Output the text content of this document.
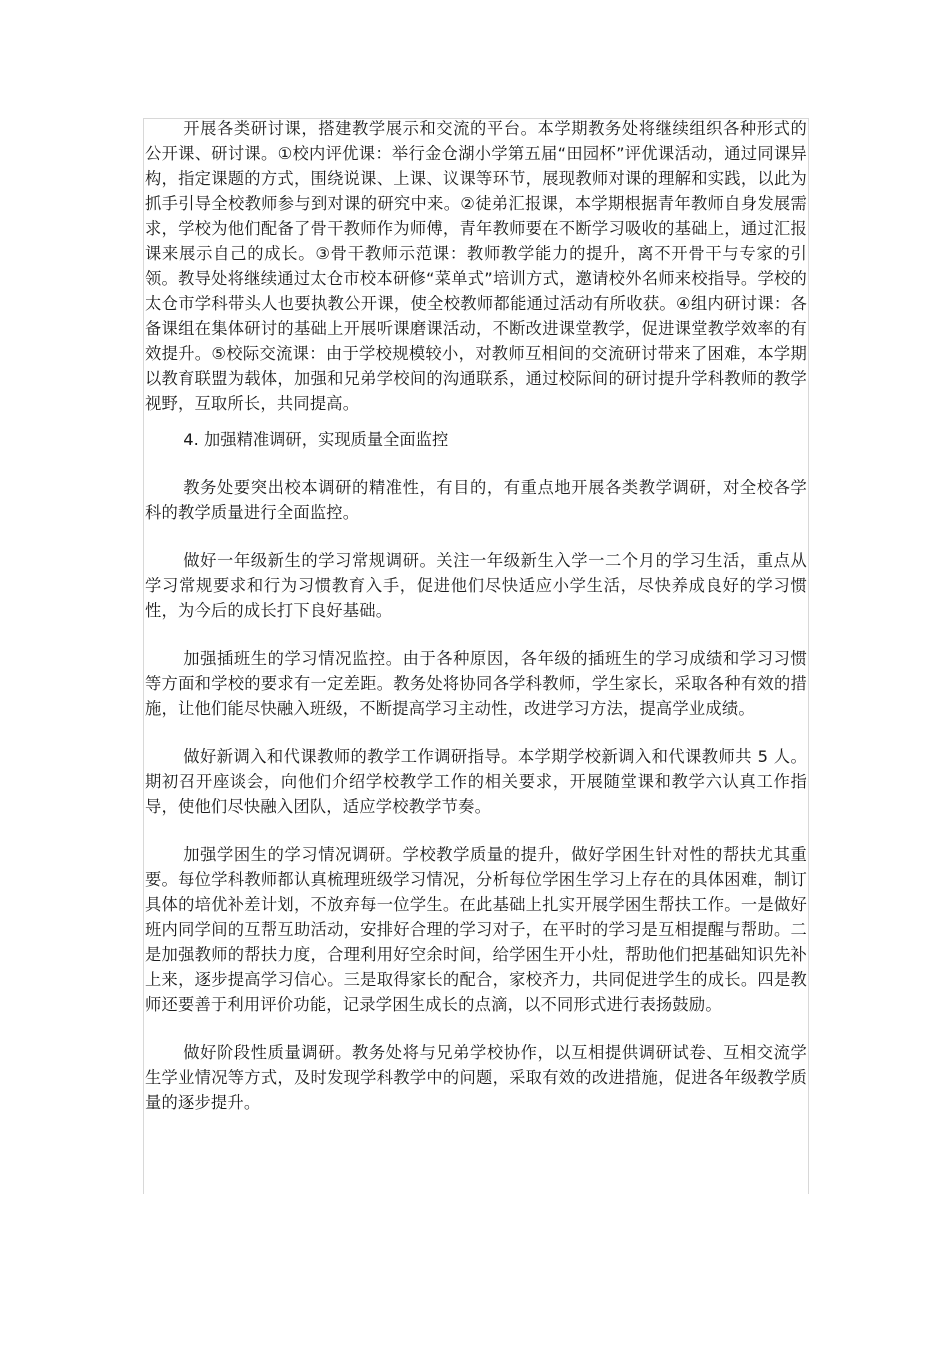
开展各类研讨课，搭建教学展示和交流的平台。本学期教务处将继续组织各种形式的公开课、研讨课。①校内评优课：举行金仓湖小学第五届“田园杯”评优课活动，通过同课异构，指定课题的方式，围绕说课、上课、议课等环节，展现教师对课的理解和实践，以此为抓手引导全校教师参与到对课的研究中来。②徒弟汇报课，本学期根据青年教师自身发展需求，学校为他们配备了骨干教师作为师傅，青年教师要在不断学习吸收的基础上，通过汇报课来展示自己的成长。③骨干教师示范课：教师教学能力的提升，离不开骨干与专家的引领。教导处将继续通过太仓市校本研修“菜单式”培训方式，邀请校外名师来校指导。学校的太仓市学科带头人也要执教公开课，使全校教师都能通过活动有所收获。④组内研讨课：各备课组在集体研讨的基础上开展听课磨课活动，不断改进课堂教学，促进课堂教学效率的有效提升。⑤校际交流课：由于学校规模较小，对教师互相间的交流研讨带来了困难，本学期以教育联盟为载体，加强和兄弟学校间的沟通联系，通过校际间的研讨提升学科教师的教学视野，互取所长，共同提高。

4. 加强精准调研，实现质量全面监控

教务处要突出校本调研的精准性，有目的，有重点地开展各类教学调研，对全校各学科的教学质量进行全面监控。

做好一年级新生的学习常规调研。关注一年级新生入学一二个月的学习生活，重点从学习常规要求和行为习惯教育入手，促进他们尽快适应小学生活，尽快养成良好的学习惯性，为今后的成长打下良好基础。

加强插班生的学习情况监控。由于各种原因，各年级的插班生的学习成绩和学习习惯等方面和学校的要求有一定差距。教务处将协同各学科教师，学生家长，采取各种有效的措施，让他们能尽快融入班级，不断提高学习主动性，改进学习方法，提高学业成绩。

做好新调入和代课教师的教学工作调研指导。本学期学校新调入和代课教师共 5 人。期初召开座谈会，向他们介绍学校教学工作的相关要求，开展随堂课和教学六认真工作指导，使他们尽快融入团队，适应学校教学节奏。

加强学困生的学习情况调研。学校教学质量的提升，做好学困生针对性的帮扶尤其重要。每位学科教师都认真梳理班级学习情况，分析每位学困生学习上存在的具体困难，制订具体的培优补差计划，不放弃每一位学生。在此基础上扎实开展学困生帮扶工作。一是做好班内同学间的互帮互助活动，安排好合理的学习对子，在平时的学习是互相提醒与帮助。二是加强教师的帮扶力度，合理利用好空余时间，给学困生开小灶，帮助他们把基础知识先补上来，逐步提高学习信心。三是取得家长的配合，家校齐力，共同促进学生的成长。四是教师还要善于利用评价功能，记录学困生成长的点滴，以不同形式进行表扬鼓励。

做好阶段性质量调研。教务处将与兄弟学校协作，以互相提供调研试卷、互相交流学生学业情况等方式，及时发现学科教学中的问题，采取有效的改进措施，促进各年级教学质量的逐步提升。
